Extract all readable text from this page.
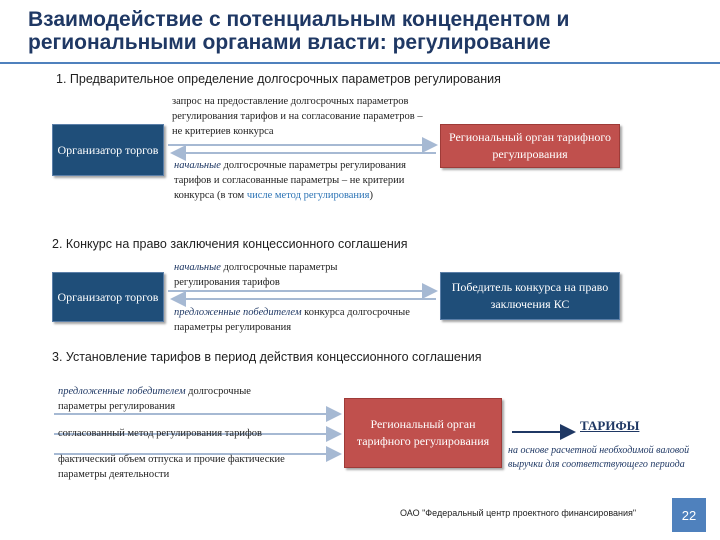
Взаимодействие с потенциальным концендентом и региональными органами власти: регулирование
1. Предварительное определение долгосрочных параметров регулирования
Организатор торгов
Региональный орган тарифного регулирования
запрос на предоставление долгосрочных параметров регулирования тарифов и на согласование параметров – не критериев конкурса
начальные долгосрочные параметры регулирования тарифов и согласованные параметры – не критерии конкурса (в том числе метод регулирования)
2. Конкурс на право заключения концессионного соглашения
Организатор торгов
Победитель конкурса на право заключения КС
начальные долгосрочные параметры регулирования тарифов
предложенные победителем конкурса долгосрочные параметры регулирования
3. Установление тарифов в период действия концессионного соглашения
предложенные победителем долгосрочные параметры регулирования
согласованный метод регулирования тарифов
фактический объем отпуска и прочие фактические параметры деятельности
Региональный орган тарифного регулирования
ТАРИФЫ
на основе расчетной необходимой валовой выручки для соответствующего периода
ОАО "Федеральный центр проектного финансирования"	22
